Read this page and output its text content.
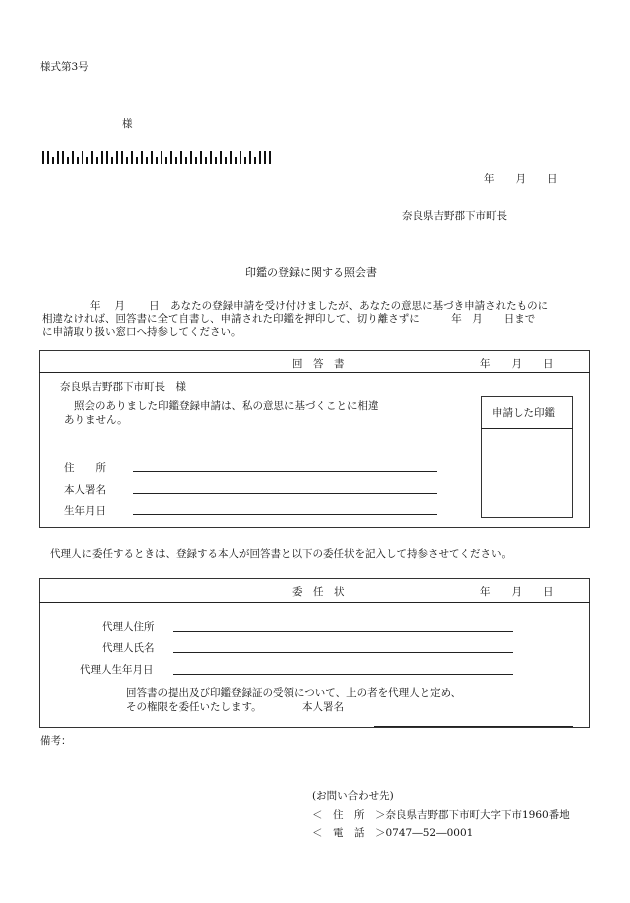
様式第3号
様
年　　月　　日
奈良県吉野郡下市町長
印鑑の登録に関する照会書
年　 月　 　日　あなたの登録申請を受け付けましたが、あなたの意思に基づき申請されたものに
相違なければ、回答書に全て自書し、申請された印鑑を押印して、切り離さずに　　　年　月　　日まで
に申請取り扱い窓口へ持参してください。
回　答　書	年　　月　　日
奈良県吉野郡下市町長　様
照会のありました印鑑登録申請は、私の意思に基づくことに相違
ありません。
申請した印鑑
住　　所
本人署名
生年月日
代理人に委任するときは、登録する本人が回答書と以下の委任状を記入して持参させてください。
委　任　状	年　　月　　日
代理人住所
代理人氏名
代理人生年月日
回答書の提出及び印鑑登録証の受領について、上の者を代理人と定め、
その権限を委任いたします。	本人署名
備考：
(お問い合わせ先)
＜　住　所　＞奈良県吉野郡下市町大字下市1960番地
＜　電　話　＞0747―52―0001
